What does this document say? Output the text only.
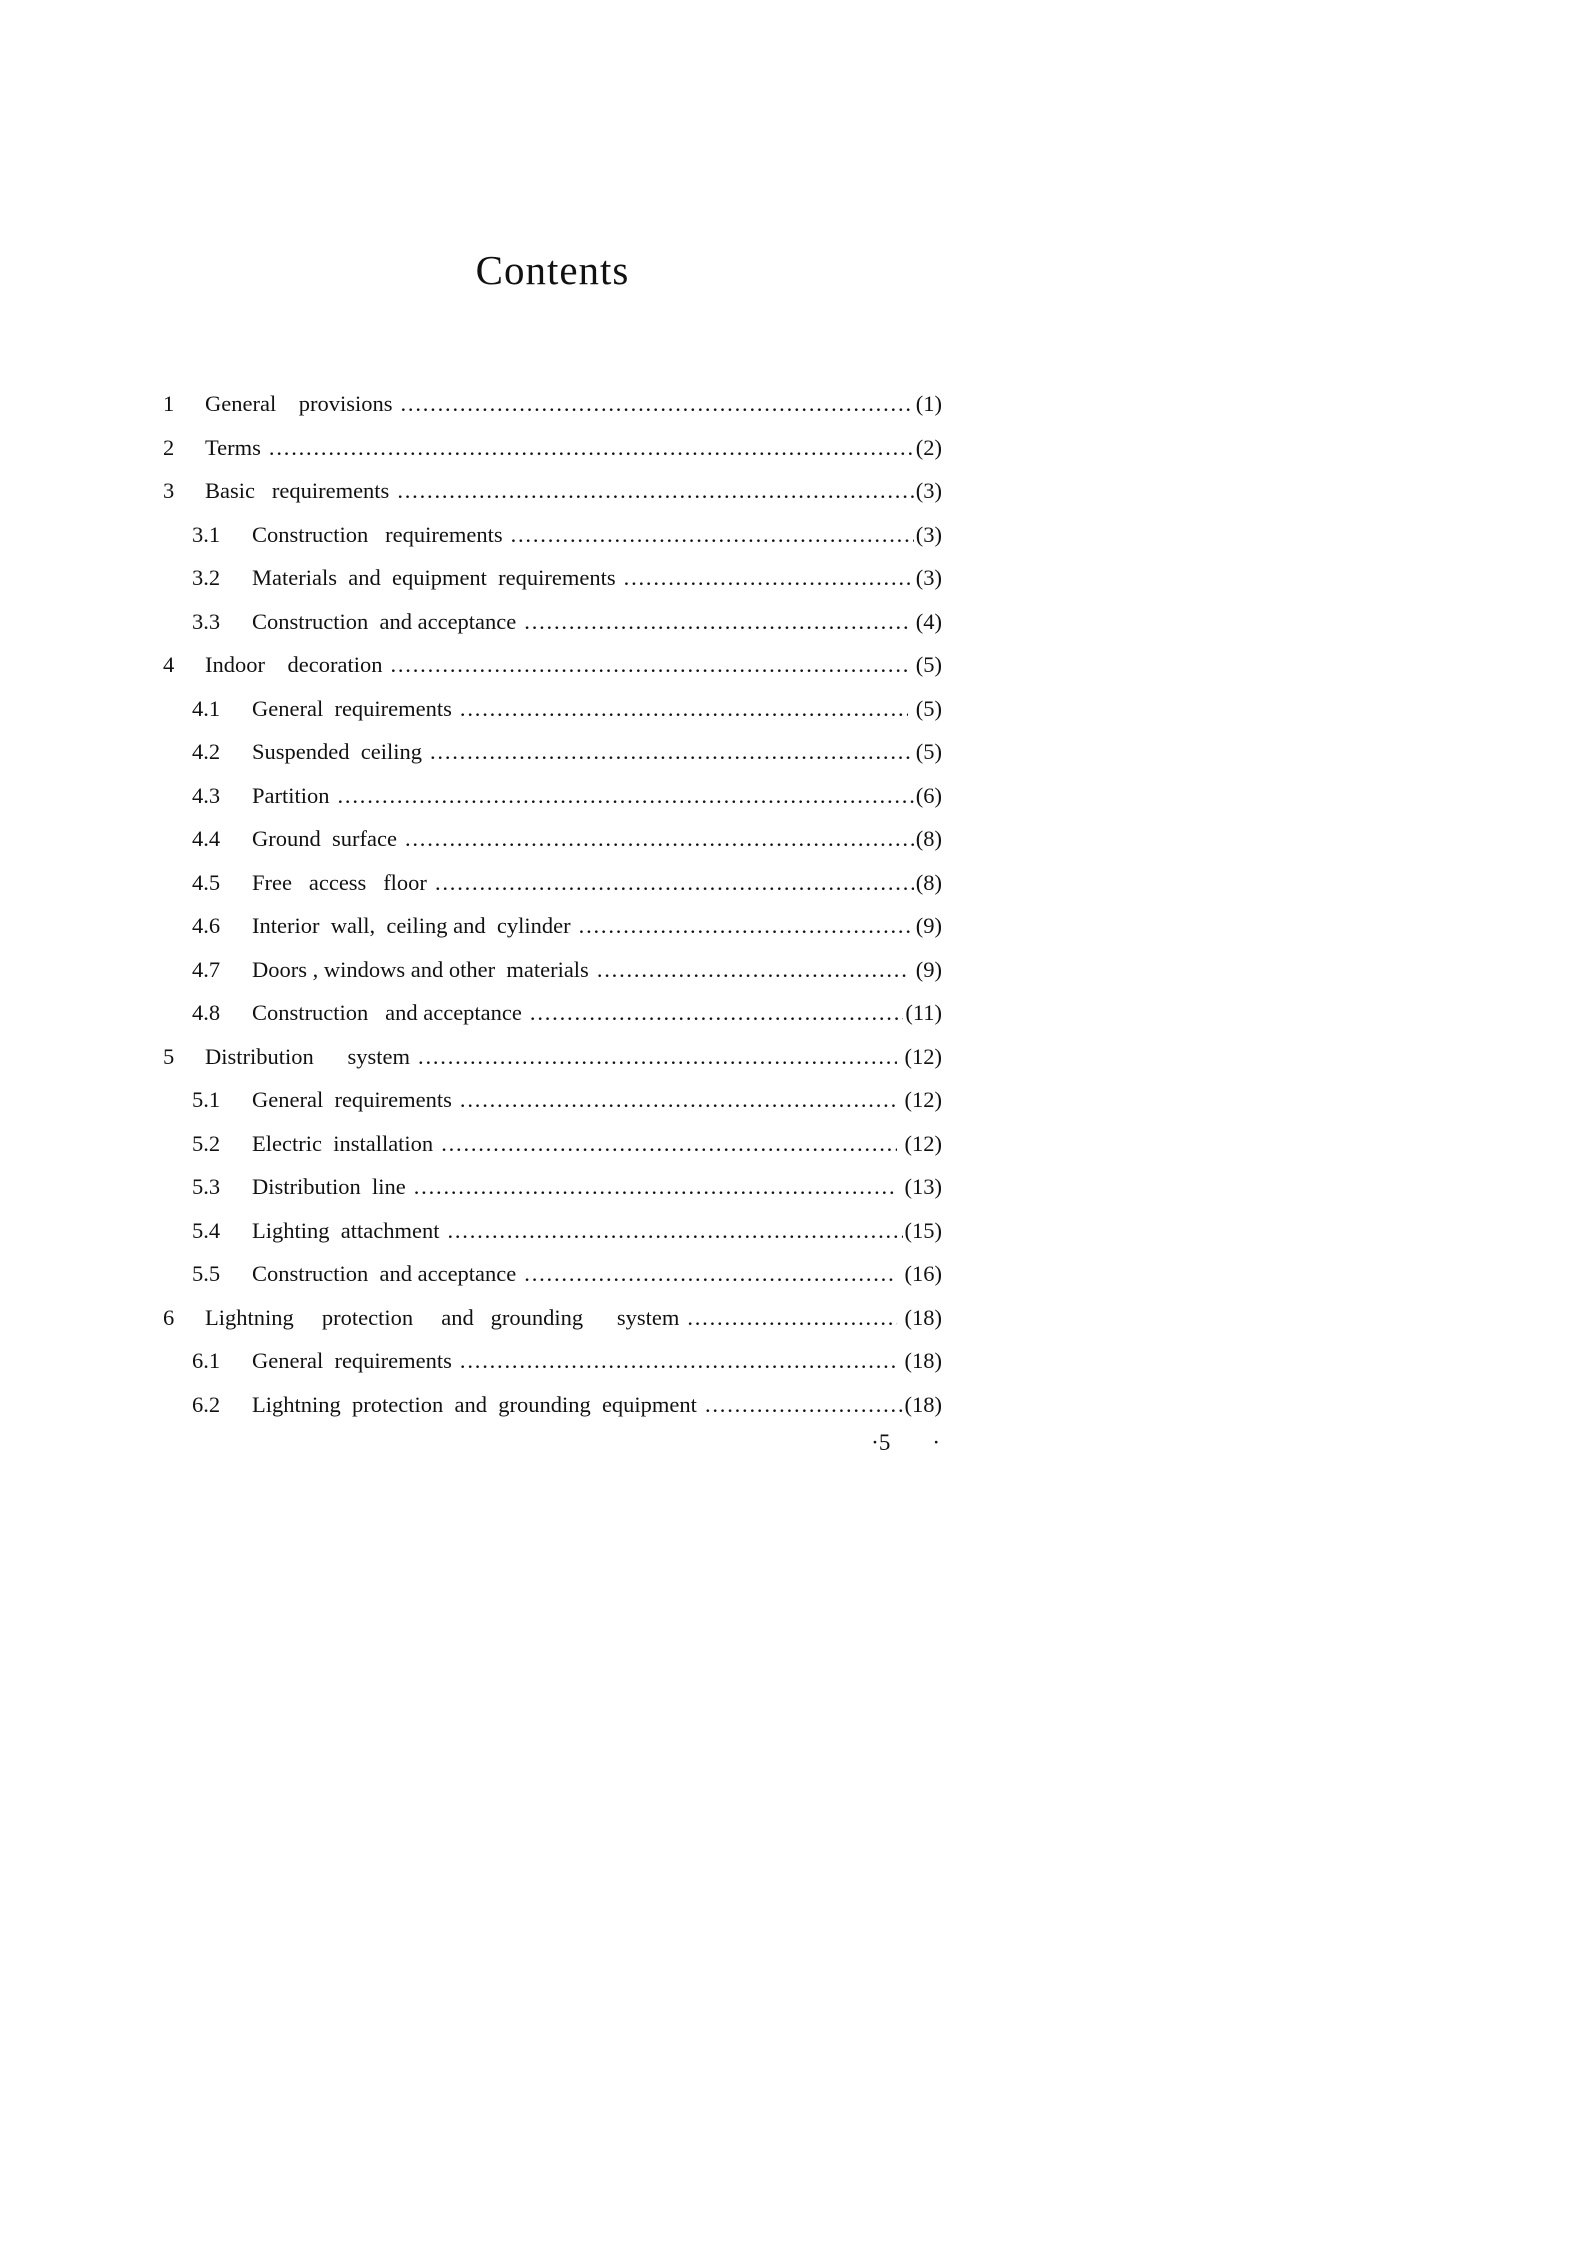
Contents
1	General    provisions .....	(1)
2	Terms .....	(2)
3	Basic   requirements .....	(3)
3.1	Construction   requirements .....	(3)
3.2	Materials  and  equipment  requirements .....	(3)
3.3	Construction  and acceptance .....	(4)
4	Indoor    decoration .....	(5)
4.1	General  requirements .....	(5)
4.2	Suspended  ceiling .....	(5)
4.3	Partition .....	(6)
4.4	Ground  surface .....	(8)
4.5	Free   access   floor .....	(8)
4.6	Interior  wall,  ceiling and  cylinder .....	(9)
4.7	Doors , windows and other  materials .....	(9)
4.8	Construction   and acceptance .....	(11)
5	Distribution      system .....	(12)
5.1	General  requirements .....	(12)
5.2	Electric  installation .....	(12)
5.3	Distribution  line .....	(13)
5.4	Lighting  attachment .....	(15)
5.5	Construction  and acceptance .....	(16)
6	Lightning     protection     and   grounding      system .....	(18)
6.1	General  requirements .....	(18)
6.2	Lightning  protection  and  grounding  equipment .....	(18)
·5 ·
